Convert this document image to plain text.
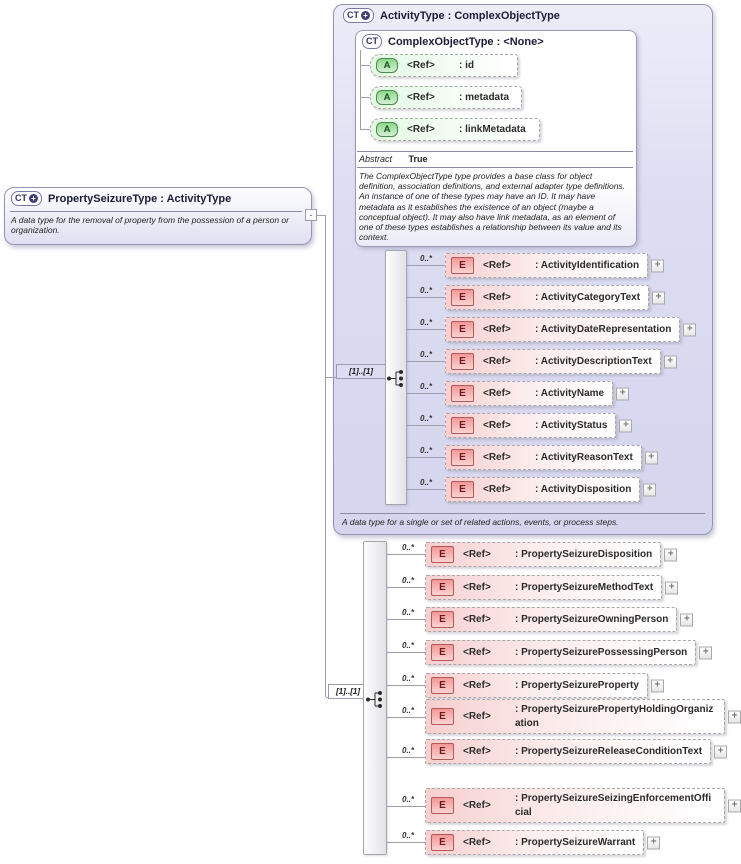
CT + ActivityType : ComplexObjectType
CT ComplexObjectType : <None>
A	<Ref>	: id
A	<Ref>	: metadata
A	<Ref>	: linkMetadata
Abstract True
The ComplexObjectType type provides a base class for object definition, association definitions, and external adapter type definitions. An instance of one of these types may have an ID. It may have metadata as it establishes the existence of an object (maybe a conceptual object). It may also have link metadata, as an element of one of these types establishes a relationship between its value and its context.
A data type for a single or set of related actions, events, or process steps.
CT + PropertySeizureType : ActivityType
A data type for the removal of property from the possession of a person or organization.
-
[1]..[1]
0..*
E	<Ref>	: ActivityIdentification	+
0..*
E	<Ref>	: ActivityCategoryText	+
0..*
E	<Ref>	: ActivityDateRepresentation	+
0..*
E	<Ref>	: ActivityDescriptionText	+
0..*
E	<Ref>	: ActivityName	+
0..*
E	<Ref>	: ActivityStatus	+
0..*
E	<Ref>	: ActivityReasonText	+
0..*
E	<Ref>	: ActivityDisposition	+
[1]..[1]
0..*
E	<Ref>	: PropertySeizureDisposition	+
0..*
E	<Ref>	: PropertySeizureMethodText	+
0..*
E	<Ref>	: PropertySeizureOwningPerson	+
0..*
E	<Ref>	: PropertySeizurePossessingPerson	+
0..*
E	<Ref>	: PropertySeizureProperty	+
0..*
E	<Ref>
: PropertySeizurePropertyHoldingOrganization
+
0..*	E	<Ref>	: PropertySeizureReleaseConditionText	+
0..*
E	<Ref>
: PropertySeizureSeizingEnforcementOfficial
+
0..*
E	<Ref>	: PropertySeizureWarrant	+
